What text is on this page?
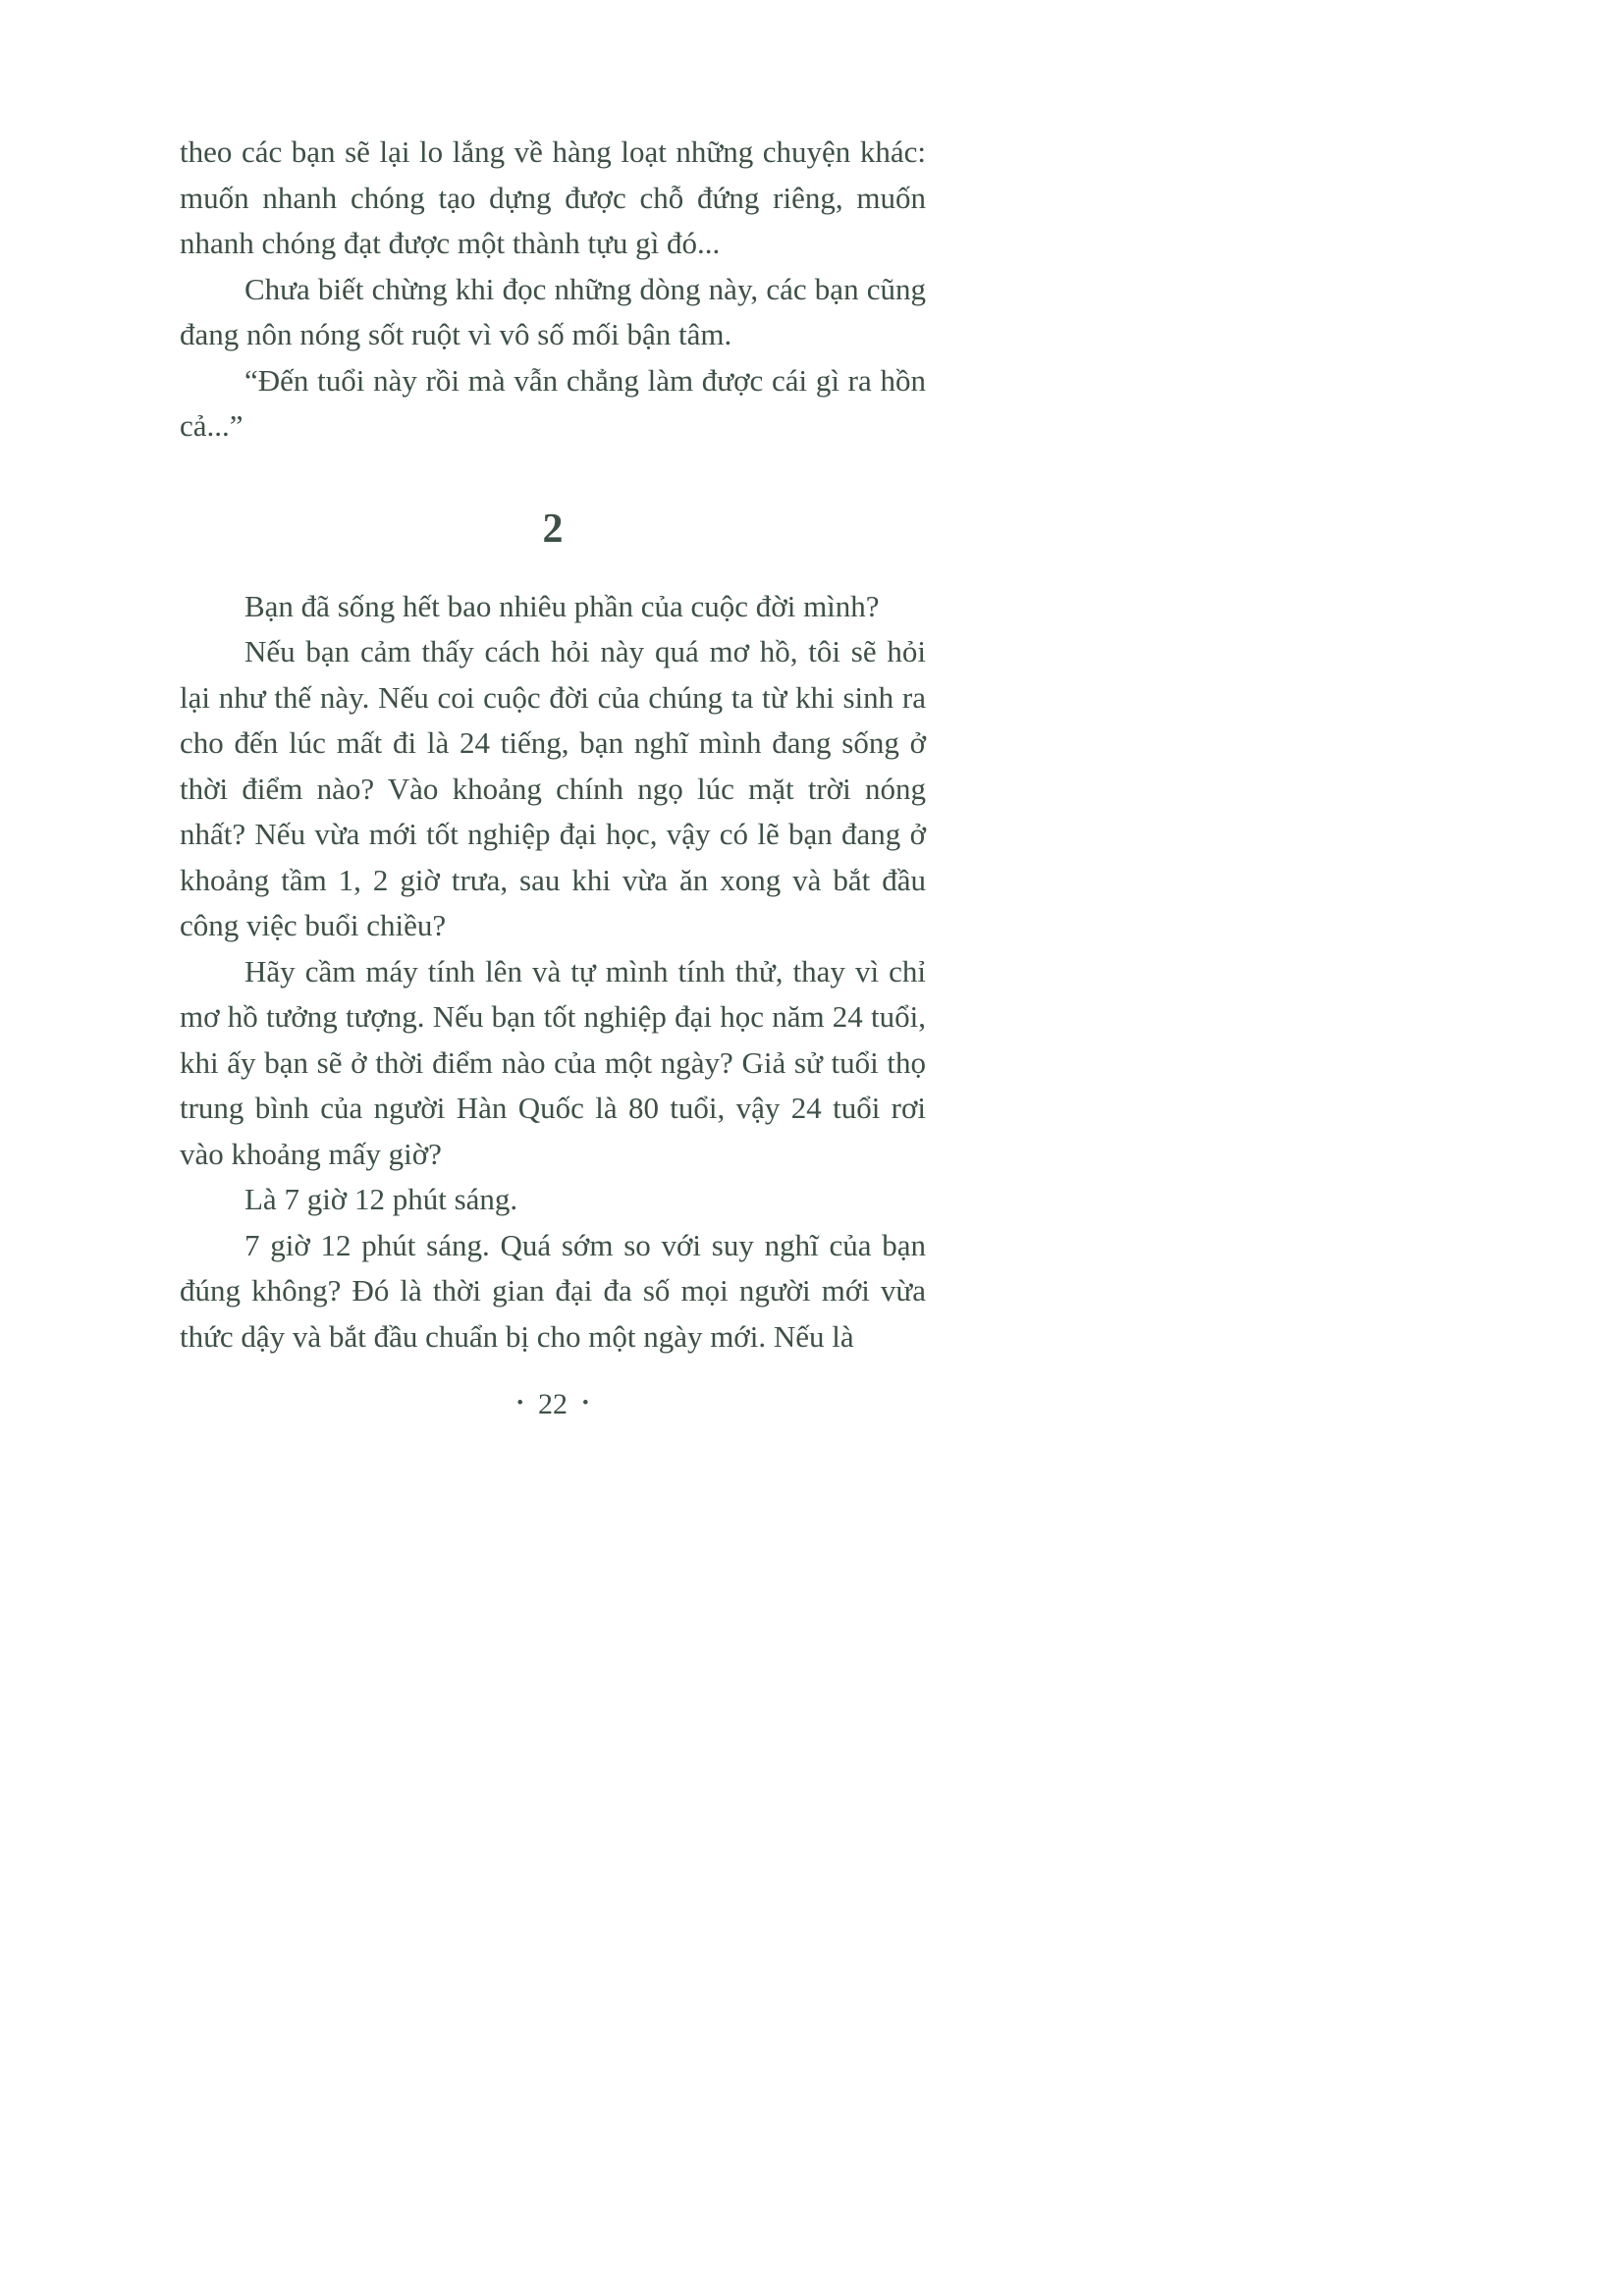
theo các bạn sẽ lại lo lắng về hàng loạt những chuyện khác: muốn nhanh chóng tạo dựng được chỗ đứng riêng, muốn nhanh chóng đạt được một thành tựu gì đó...

Chưa biết chừng khi đọc những dòng này, các bạn cũng đang nôn nóng sốt ruột vì vô số mối bận tâm.

“Đến tuổi này rồi mà vẫn chẳng làm được cái gì ra hồn cả...”

2

Bạn đã sống hết bao nhiêu phần của cuộc đời mình?

Nếu bạn cảm thấy cách hỏi này quá mơ hồ, tôi sẽ hỏi lại như thế này. Nếu coi cuộc đời của chúng ta từ khi sinh ra cho đến lúc mất đi là 24 tiếng, bạn nghĩ mình đang sống ở thời điểm nào? Vào khoảng chính ngọ lúc mặt trời nóng nhất? Nếu vừa mới tốt nghiệp đại học, vậy có lẽ bạn đang ở khoảng tầm 1, 2 giờ trưa, sau khi vừa ăn xong và bắt đầu công việc buổi chiều?

Hãy cầm máy tính lên và tự mình tính thử, thay vì chỉ mơ hồ tưởng tượng. Nếu bạn tốt nghiệp đại học năm 24 tuổi, khi ấy bạn sẽ ở thời điểm nào của một ngày? Giả sử tuổi thọ trung bình của người Hàn Quốc là 80 tuổi, vậy 24 tuổi rơi vào khoảng mấy giờ?

Là 7 giờ 12 phút sáng.

7 giờ 12 phút sáng. Quá sớm so với suy nghĩ của bạn đúng không? Đó là thời gian đại đa số mọi người mới vừa thức dậy và bắt đầu chuẩn bị cho một ngày mới. Nếu là

• 22 •
